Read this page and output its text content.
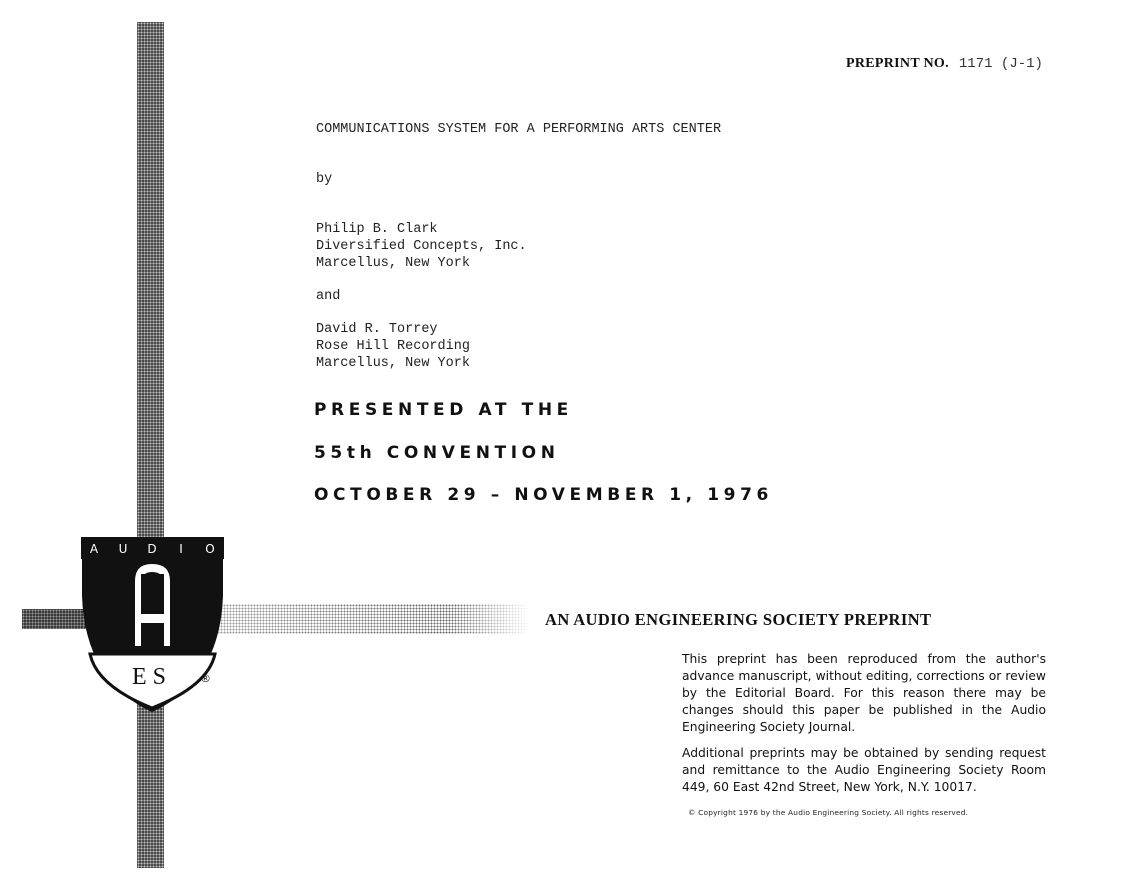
A U D I O
ES	®
PREPRINT NO. 1171 (J-1)
COMMUNICATIONS SYSTEM FOR A PERFORMING ARTS CENTER
by
Philip B. Clark
Diversified Concepts, Inc.
Marcellus, New York
and
David R. Torrey
Rose Hill Recording
Marcellus, New York
PRESENTED AT THE
55th CONVENTION
OCTOBER 29 – NOVEMBER 1, 1976
AN AUDIO ENGINEERING SOCIETY PREPRINT
This preprint has been reproduced from the author's advance manuscript, without editing, corrections or review by the Editorial Board. For this reason there may be changes should this paper be published in the Audio Engineering Society Journal.
Additional preprints may be obtained by sending request and remittance to the Audio Engineering Society Room 449, 60 East 42nd Street, New York, N.Y. 10017.
© Copyright 1976 by the Audio Engineering Society. All rights reserved.
